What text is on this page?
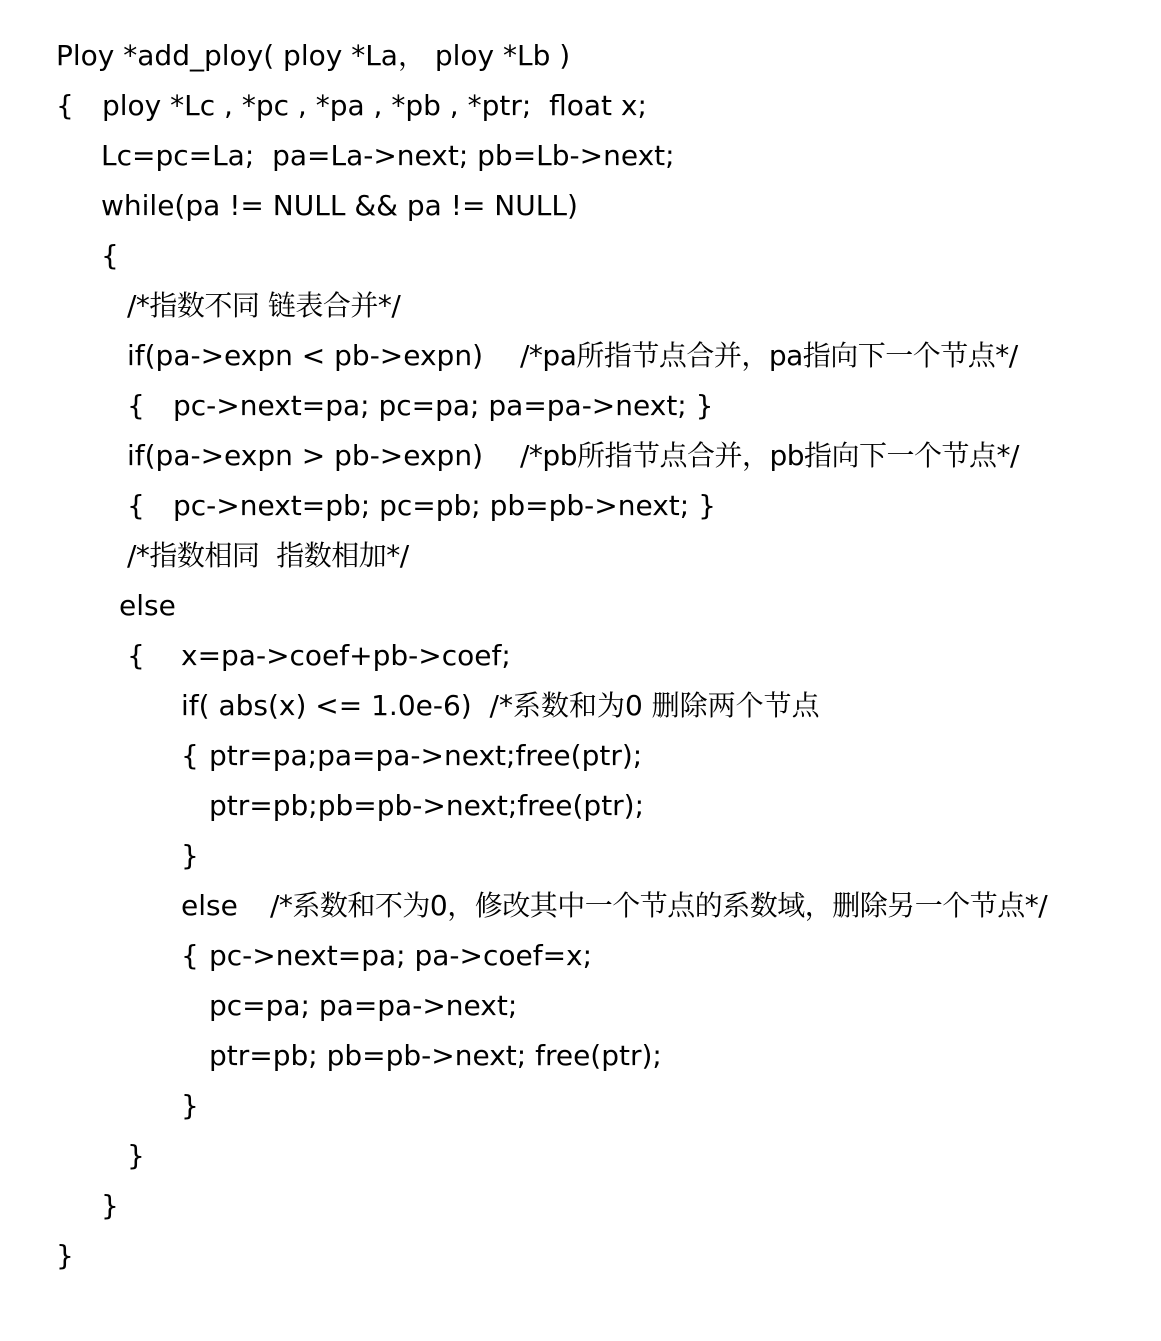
Ploy *add_ploy( ploy *La， ploy *Lb )

{

ploy *Lc , *pc , *pa , *pb , *ptr;  float x;

Lc=pc=La;  pa=La->next; pb=Lb->next;

while(pa != NULL && pa != NULL)

{

/*指数不同 链表合并*/

if(pa->expn < pb->expn)

/*pa所指节点合并，pa指向下一个节点*/

{

pc->next=pa; pc=pa; pa=pa->next; }

if(pa->expn > pb->expn)

/*pb所指节点合并，pb指向下一个节点*/

{

pc->next=pb; pc=pb; pb=pb->next; }

/*指数相同  指数相加*/

else

{

x=pa->coef+pb->coef;

if( abs(x) <= 1.0e-6)  /*系数和为0 删除两个节点

{

ptr=pa;pa=pa->next;free(ptr);

ptr=pb;pb=pb->next;free(ptr);

}

else

/*系数和不为0，修改其中一个节点的系数域，删除另一个节点*/

{

pc->next=pa; pa->coef=x;

pc=pa; pa=pa->next;

ptr=pb; pb=pb->next; free(ptr);

}

}

}

}
